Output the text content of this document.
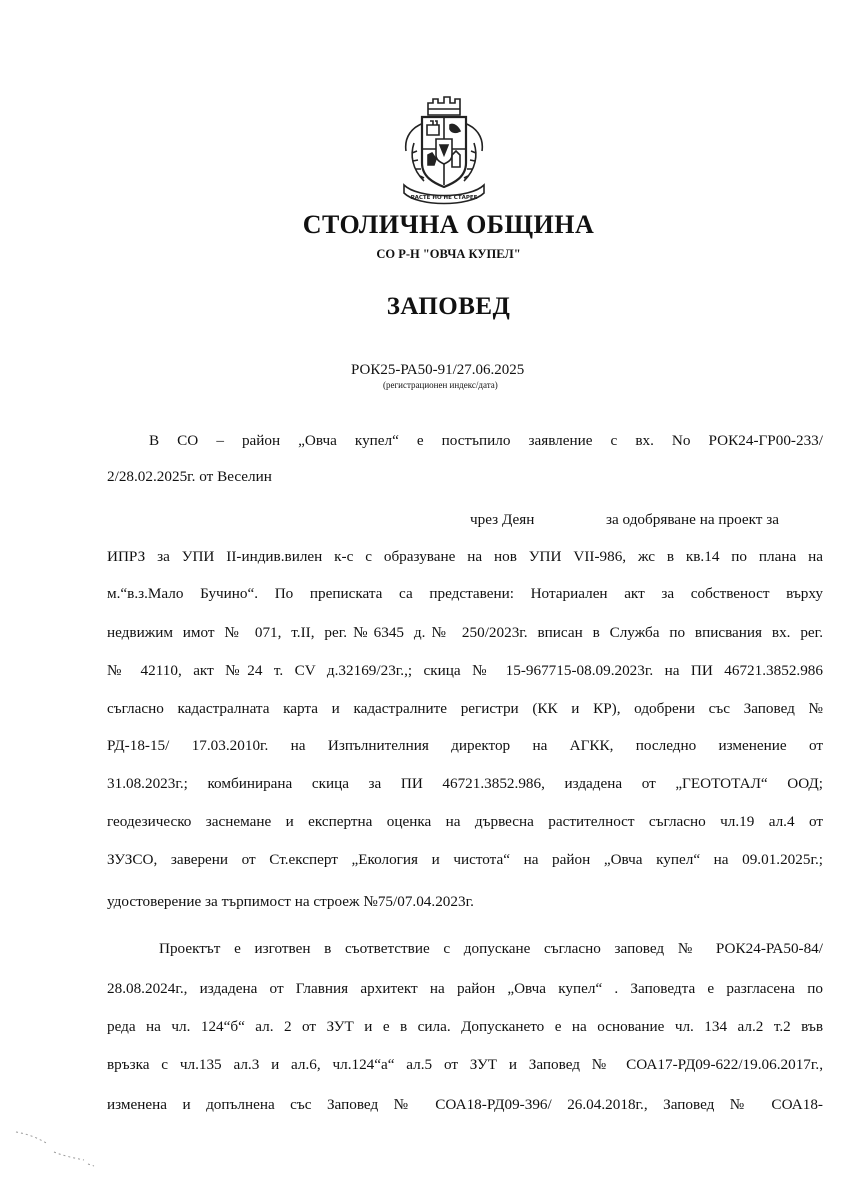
РАСТЕ НО НЕ СТАРЕЕ
СТОЛИЧНА ОБЩИНА
СО Р-Н "ОВЧА КУПЕЛ"
ЗАПОВЕД
РОК25-РА50-91/27.06.2025
(регистрационен индекс/дата)
В СО – район „Овча купел“ е постъпило заявление с вх. No РОК24-ГР00-233/
2/28.02.2025г. от Веселин
чрез Деян	за одобряване на проект за
ИПРЗ за УПИ II-индив.вилен к-с с образуване на нов УПИ VII-986, жс в кв.14 по плана на
м.“в.з.Мало Бучино“. По преписката са представени: Нотариален акт за собственост върху
недвижим имот № 071, т.II, рег.№6345 д.№ 250/2023г. вписан в Служба по вписвания вх. рег.
№ 42110, акт №24 т. CV д.32169/23г.,; скица № 15-967715-08.09.2023г. на ПИ 46721.3852.986
съгласно кадастралната карта и кадастралните регистри (КК и КР), одобрени със Заповед №
РД-18-15/ 17.03.2010г. на Изпълнителния директор на АГКК, последно изменение от
31.08.2023г.; комбинирана скица за ПИ 46721.3852.986, издадена от „ГЕОТОТАЛ“ ООД;
геодезическо заснемане и експертна оценка на дървесна растителност съгласно чл.19 ал.4 от
ЗУЗСО, заверени от Ст.експерт „Екология и чистота“ на район „Овча купел“ на 09.01.2025г.;
удостоверение за търпимост на строеж №75/07.04.2023г.
Проектът е изготвен в съответствие с допускане съгласно заповед № РОК24-РА50-84/
28.08.2024г., издадена от Главния архитект на район „Овча купел“ . Заповедта е разгласена по
реда на чл. 124“б“ ал. 2 от ЗУТ и е в сила. Допускането е на основание чл. 134 ал.2 т.2 във
връзка с чл.135 ал.3 и ал.6, чл.124“а“ ал.5 от ЗУТ и Заповед № СОА17-РД09-622/19.06.2017г.,
изменена и допълнена със Заповед № СОА18-РД09-396/ 26.04.2018г., Заповед № СОА18-
